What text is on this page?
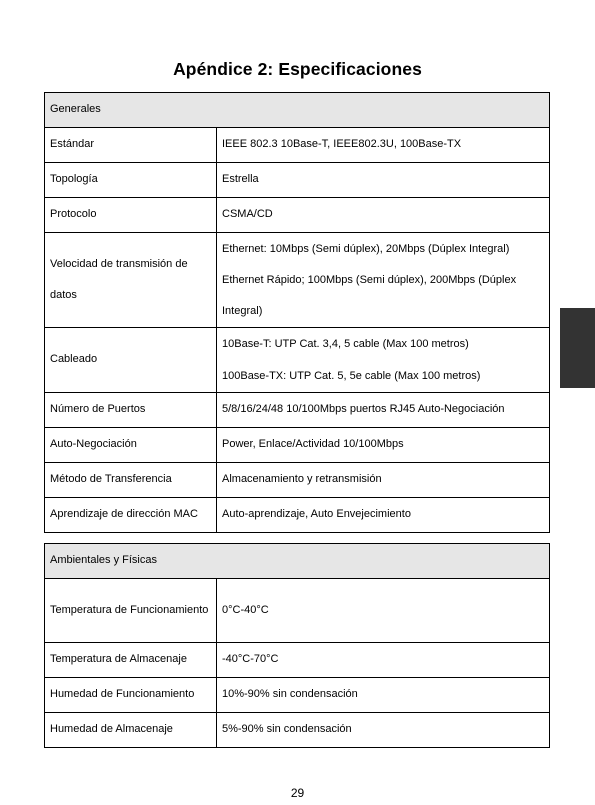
Apéndice 2: Especificaciones
Generales	
Estándar	IEEE 802.3 10Base-T, IEEE802.3U, 100Base-TX
Topología	Estrella
Protocolo	CSMA/CD
Velocidad de transmisión de datos	Ethernet: 10Mbps (Semi dúplex), 20Mbps (Dúplex Integral)
Ethernet Rápido; 100Mbps (Semi dúplex), 200Mbps (Dúplex Integral)
Cableado	10Base-T: UTP Cat. 3,4, 5 cable (Max 100 metros)
100Base-TX: UTP Cat. 5, 5e cable (Max 100 metros)
Número de Puertos	5/8/16/24/48 10/100Mbps puertos RJ45 Auto-Negociación
Auto-Negociación	Power, Enlace/Actividad 10/100Mbps
Método de Transferencia	Almacenamiento y retransmisión
Aprendizaje de dirección MAC	Auto-aprendizaje, Auto Envejecimiento
Ambientales y Físicas	
Temperatura de Funcionamiento	0°C-40°C
Temperatura de Almacenaje	-40°C-70°C
Humedad de Funcionamiento	10%-90% sin condensación
Humedad de Almacenaje	5%-90% sin condensación
29
